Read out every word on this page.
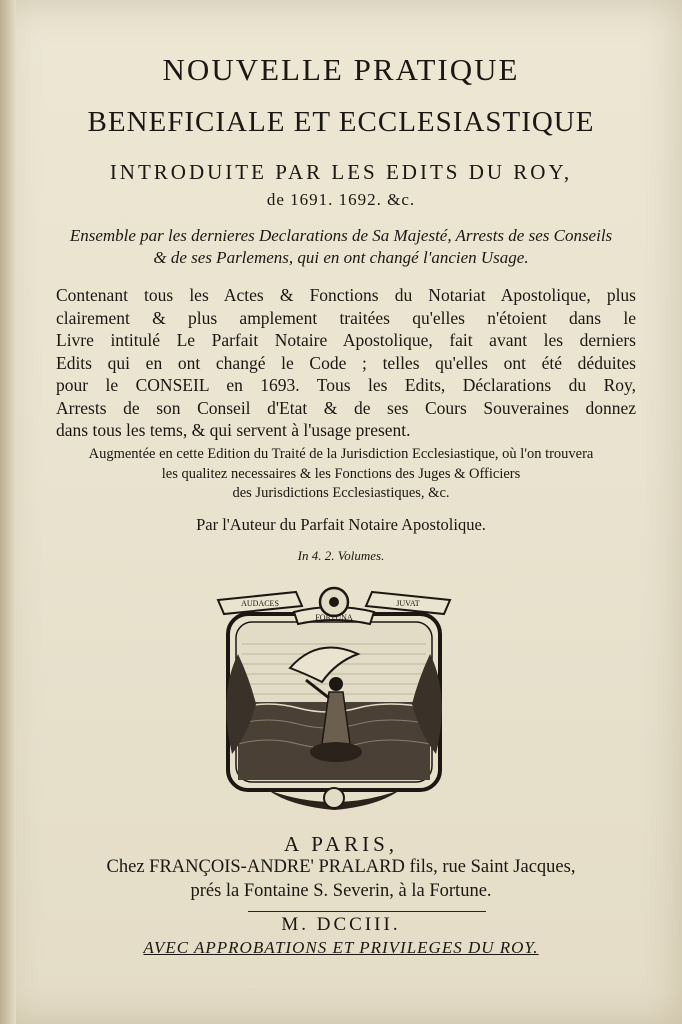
NOUVELLE PRATIQUE
BENEFICIALE ET ECCLESIASTIQUE
INTRODUITE PAR LES EDITS DU ROY,
de 1691. 1692. &c.
Ensemble par les dernieres Declarations de Sa Majesté, Arrests de ses Conseils
& de ses Parlemens, qui en ont changé l'ancien Usage.
Contenant tous les Actes & Fonctions du Notariat Apostolique, plus
clairement & plus amplement traitées qu'elles n'étoient dans le
Livre intitulé Le Parfait Notaire Apostolique, fait avant les derniers
Edits qui en ont changé le Code ; telles qu'elles ont été déduites
pour le CONSEIL en 1693. Tous les Edits, Déclarations du Roy,
Arrests de son Conseil d'Etat & de ses Cours Souveraines donnez
dans tous les tems, & qui servent à l'usage present.
Augmentée en cette Edition du Traité de la Jurisdiction Ecclesiastique, où l'on trouvera
les qualitez necessaires & les Fonctions des Juges & Officiers
des Jurisdictions Ecclesiastiques, &c.
Par l'Auteur du Parfait Notaire Apostolique.
In 4. 2. Volumes.
AUDACES
FORTUNA
JUVAT
A PARIS,
Chez FRANÇOIS-ANDRE' PRALARD fils, rue Saint Jacques,
prés la Fontaine S. Severin, à la Fortune.
M. DCCIII.
AVEC APPROBATIONS ET PRIVILEGES DU ROY.
